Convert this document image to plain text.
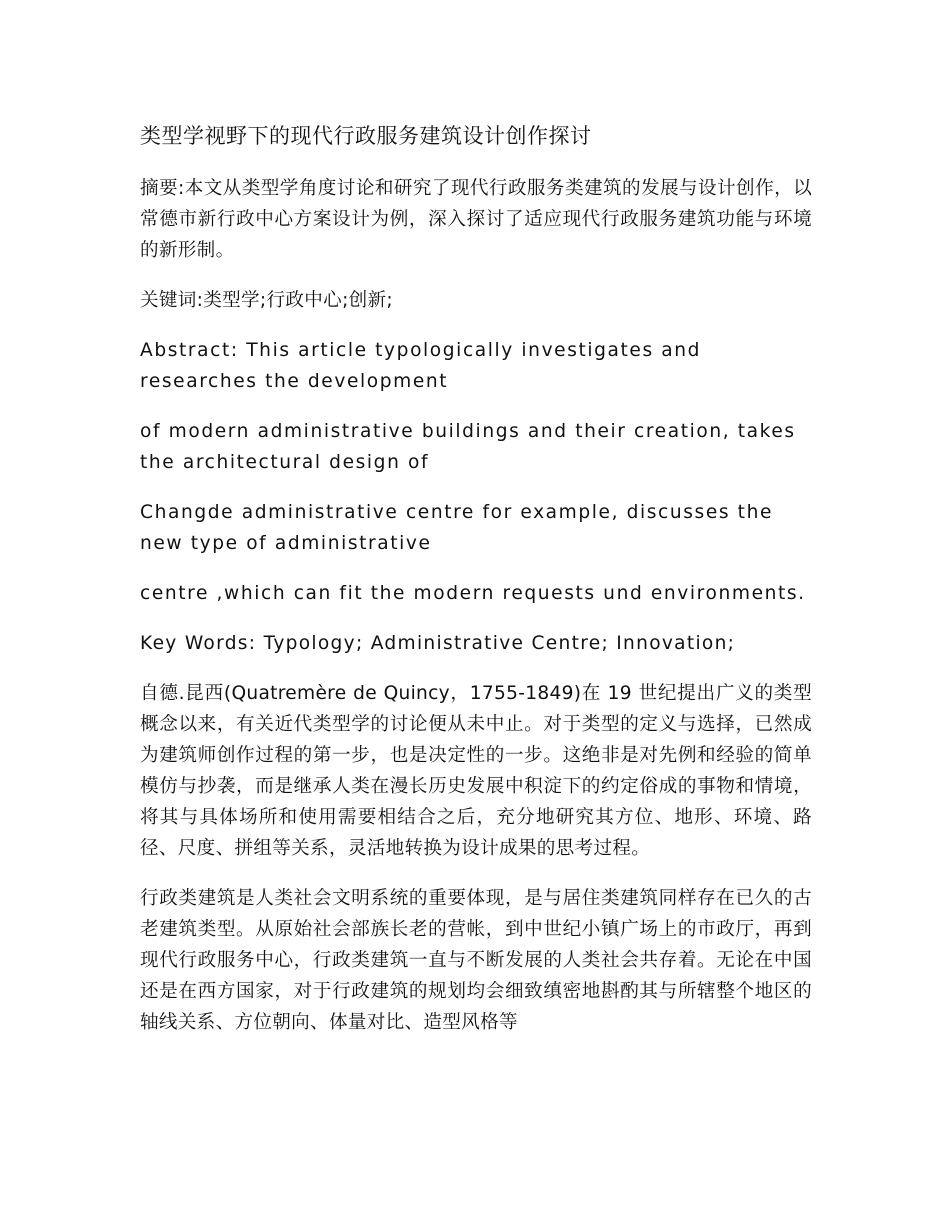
类型学视野下的现代行政服务建筑设计创作探讨

摘要:本文从类型学角度讨论和研究了现代行政服务类建筑的发展与设计创作，以常德市新行政中心方案设计为例，深入探讨了适应现代行政服务建筑功能与环境的新形制。

关键词:类型学;行政中心;创新;

Abstract: This article typologically investigates and researches the development

of modern administrative buildings and their creation, takes the architectural design of

Changde administrative centre for example, discusses the new type of administrative

centre ,which can fit the modern requests und environments.

Key Words: Typology; Administrative Centre; Innovation;

自德.昆西(Quatremère de Quincy，1755-1849)在 19 世纪提出广义的类型概念以来，有关近代类型学的讨论便从未中止。对于类型的定义与选择，已然成为建筑师创作过程的第一步，也是决定性的一步。这绝非是对先例和经验的简单模仿与抄袭，而是继承人类在漫长历史发展中积淀下的约定俗成的事物和情境，将其与具体场所和使用需要相结合之后，充分地研究其方位、地形、环境、路径、尺度、拼组等关系，灵活地转换为设计成果的思考过程。

行政类建筑是人类社会文明系统的重要体现，是与居住类建筑同样存在已久的古老建筑类型。从原始社会部族长老的营帐，到中世纪小镇广场上的市政厅，再到现代行政服务中心，行政类建筑一直与不断发展的人类社会共存着。无论在中国还是在西方国家，对于行政建筑的规划均会细致缜密地斟酌其与所辖整个地区的轴线关系、方位朝向、体量对比、造型风格等
